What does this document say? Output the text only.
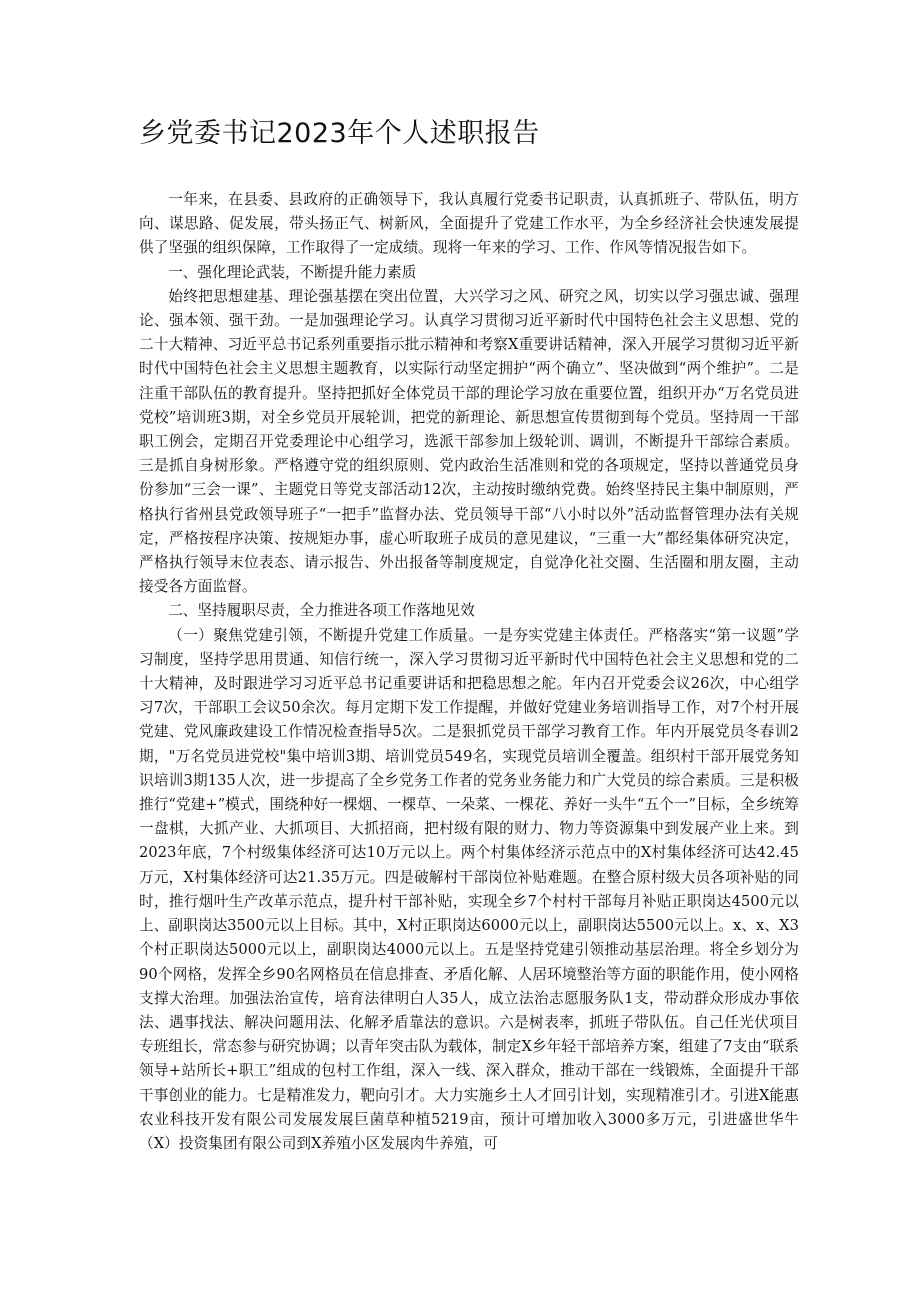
乡党委书记2023年个人述职报告

一年来，在县委、县政府的正确领导下，我认真履行党委书记职责，认真抓班子、带队伍，明方向、谋思路、促发展，带头扬正气、树新风，全面提升了党建工作水平，为全乡经济社会快速发展提供了坚强的组织保障，工作取得了一定成绩。现将一年来的学习、工作、作风等情况报告如下。

一、强化理论武装，不断提升能力素质

始终把思想建基、理论强基摆在突出位置，大兴学习之风、研究之风，切实以学习强忠诚、强理论、强本领、强干劲。一是加强理论学习。认真学习贯彻习近平新时代中国特色社会主义思想、党的二十大精神、习近平总书记系列重要指示批示精神和考察X重要讲话精神，深入开展学习贯彻习近平新时代中国特色社会主义思想主题教育，以实际行动坚定拥护“两个确立”、坚决做到“两个维护”。二是注重干部队伍的教育提升。坚持把抓好全体党员干部的理论学习放在重要位置，组织开办“万名党员进党校”培训班3期，对全乡党员开展轮训，把党的新理论、新思想宣传贯彻到每个党员。坚持周一干部职工例会，定期召开党委理论中心组学习，选派干部参加上级轮训、调训，不断提升干部综合素质。三是抓自身树形象。严格遵守党的组织原则、党内政治生活准则和党的各项规定，坚持以普通党员身份参加“三会一课”、主题党日等党支部活动12次，主动按时缴纳党费。始终坚持民主集中制原则，严格执行省州县党政领导班子“一把手”监督办法、党员领导干部“八小时以外”活动监督管理办法有关规定，严格按程序决策、按规矩办事，虚心听取班子成员的意见建议，“三重一大”都经集体研究决定，严格执行领导末位表态、请示报告、外出报备等制度规定，自觉净化社交圈、生活圈和朋友圈，主动接受各方面监督。

二、坚持履职尽责，全力推进各项工作落地见效

（一）聚焦党建引领，不断提升党建工作质量。一是夯实党建主体责任。严格落实“第一议题”学习制度，坚持学思用贯通、知信行统一，深入学习贯彻习近平新时代中国特色社会主义思想和党的二十大精神，及时跟进学习习近平总书记重要讲话和把稳思想之舵。年内召开党委会议26次，中心组学习7次，干部职工会议50余次。每月定期下发工作提醒，并做好党建业务培训指导工作，对7个村开展党建、党风廉政建设工作情况检查指导5次。二是狠抓党员干部学习教育工作。年内开展党员冬春训2期，"万名党员进党校"集中培训3期、培训党员549名，实现党员培训全覆盖。组织村干部开展党务知识培训3期135人次，进一步提高了全乡党务工作者的党务业务能力和广大党员的综合素质。三是积极推行“党建+”模式，围绕种好一棵烟、一棵草、一朵菜、一棵花、养好一头牛“五个一”目标，全乡统筹一盘棋，大抓产业、大抓项目、大抓招商，把村级有限的财力、物力等资源集中到发展产业上来。到2023年底，7个村级集体经济可达10万元以上。两个村集体经济示范点中的X村集体经济可达42.45万元，X村集体经济可达21.35万元。四是破解村干部岗位补贴难题。在整合原村级大员各项补贴的同时，推行烟叶生产改革示范点，提升村干部补贴，实现全乡7个村村干部每月补贴正职岗达4500元以上、副职岗达3500元以上目标。其中，X村正职岗达6000元以上，副职岗达5500元以上。x、x、X3个村正职岗达5000元以上，副职岗达4000元以上。五是坚持党建引领推动基层治理。将全乡划分为90个网格，发挥全乡90名网格员在信息排查、矛盾化解、人居环境整治等方面的职能作用，使小网格支撑大治理。加强法治宣传，培育法律明白人35人，成立法治志愿服务队1支，带动群众形成办事依法、遇事找法、解决问题用法、化解矛盾靠法的意识。六是树表率，抓班子带队伍。自己任光伏项目专班组长，常态参与研究协调；以青年突击队为载体，制定X乡年轻干部培养方案，组建了7支由“联系领导+站所长+职工”组成的包村工作组，深入一线、深入群众，推动干部在一线锻炼，全面提升干部干事创业的能力。七是精准发力，靶向引才。大力实施乡土人才回引计划，实现精准引才。引进X能惠农业科技开发有限公司发展发展巨菌草种植5219亩，预计可增加收入3000多万元，引进盛世华牛（X）投资集团有限公司到X养殖小区发展肉牛养殖，可
